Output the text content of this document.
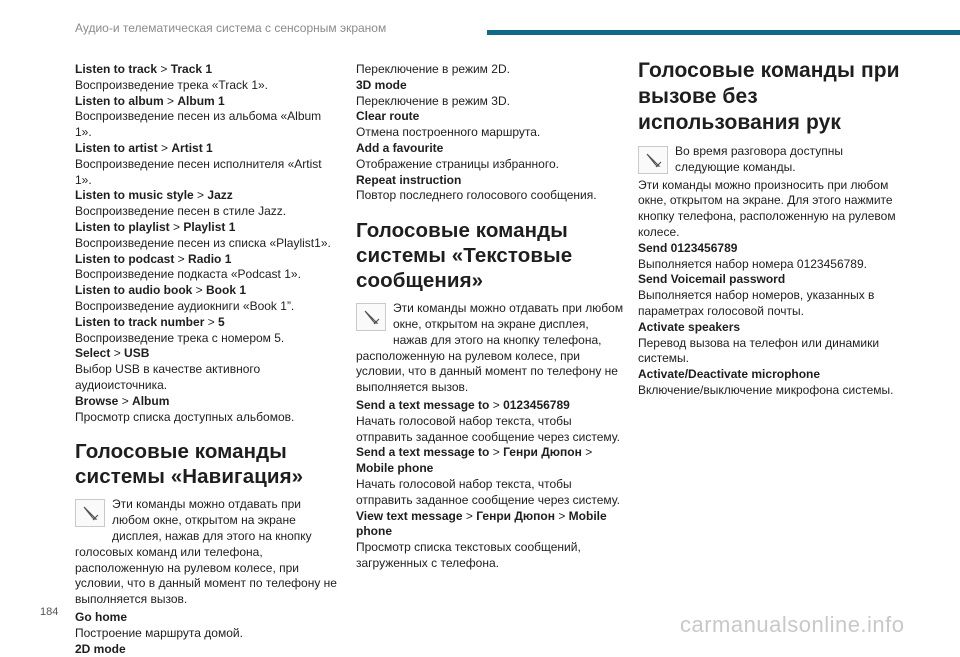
Аудио-и телематическая система с сенсорным экраном
Listen to track > Track 1
Воспроизведение трека «Track 1».
Listen to album > Album 1
Воспроизведение песен из альбома «Album 1».
Listen to artist > Artist 1
Воспроизведение песен исполнителя «Artist 1».
Listen to music style > Jazz
Воспроизведение песен в стиле Jazz.
Listen to playlist > Playlist 1
Воспроизведение песен из списка «Playlist1».
Listen to podcast > Radio 1
Воспроизведение подкаста «Podcast 1».
Listen to audio book > Book 1
Воспроизведение аудиокниги «Book 1”.
Listen to track number > 5
Воспроизведение трека с номером 5.
Select > USB
Выбор USB в качестве активного аудиоисточника.
Browse > Album
Просмотр списка доступных альбомов.
Голосовые команды системы «Навигация»
Эти команды можно отдавать при любом окне, открытом на экране дисплея, нажав для этого на кнопку голосовых команд или телефона, расположенную на рулевом колесе, при условии, что в данный момент по телефону не выполняется вызов.
Go home
Построение маршрута домой.
2D mode
Переключение в режим 2D.
3D mode
Переключение в режим 3D.
Clear route
Отмена построенного маршрута.
Add a favourite
Отображение страницы избранного.
Repeat instruction
Повтор последнего голосового сообщения.
Голосовые команды системы «Текстовые сообщения»
Эти команды можно отдавать при любом окне, открытом на экране дисплея, нажав для этого на кнопку телефона, расположенную на рулевом колесе, при условии, что в данный момент по телефону не выполняется вызов.
Send a text message to > 0123456789
Начать голосовой набор текста, чтобы отправить заданное сообщение через систему.
Send a text message to > Генри Дюпон > Mobile phone
Начать голосовой набор текста, чтобы отправить заданное сообщение через систему.
View text message > Генри Дюпон > Mobile phone
Просмотр списка текстовых сообщений, загруженных с телефона.
Голосовые команды при вызове без использования рук
Во время разговора доступны следующие команды.
Эти команды можно произносить при любом окне, открытом на экране. Для этого нажмите кнопку телефона, расположенную на рулевом колесе.
Send 0123456789
Выполняется набор номера 0123456789.
Send Voicemail password
Выполняется набор номеров, указанных в параметрах голосовой почты.
Activate speakers
Перевод вызова на телефон или динамики системы.
Activate/Deactivate microphone
Включение/выключение микрофона системы.
184	carmanualsonline.info
